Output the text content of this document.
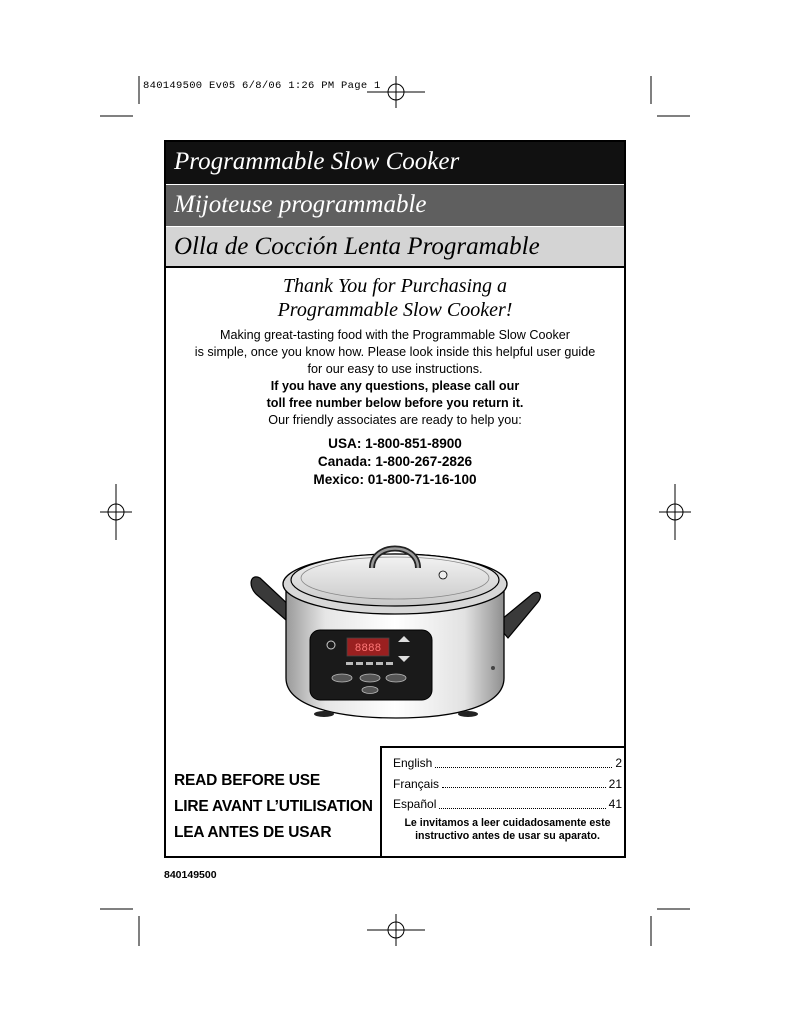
840149500 Ev05 6/8/06 1:26 PM Page 1
Programmable Slow Cooker
Mijoteuse programmable
Olla de Cocción Lenta Programable
Thank You for Purchasing a
Programmable Slow Cooker!
Making great-tasting food with the Programmable Slow Cooker
is simple, once you know how. Please look inside this helpful user guide
for our easy to use instructions.
If you have any questions, please call our
toll free number below before you return it.
Our friendly associates are ready to help you:
USA: 1-800-851-8900
Canada: 1-800-267-2826
Mexico: 01-800-71-16-100
8888
READ BEFORE USE
LIRE AVANT L’UTILISATION
LEA ANTES DE USAR
English	2
Français	21
Español	41
Le invitamos a leer cuidadosamente este
instructivo antes de usar su aparato.
840149500
